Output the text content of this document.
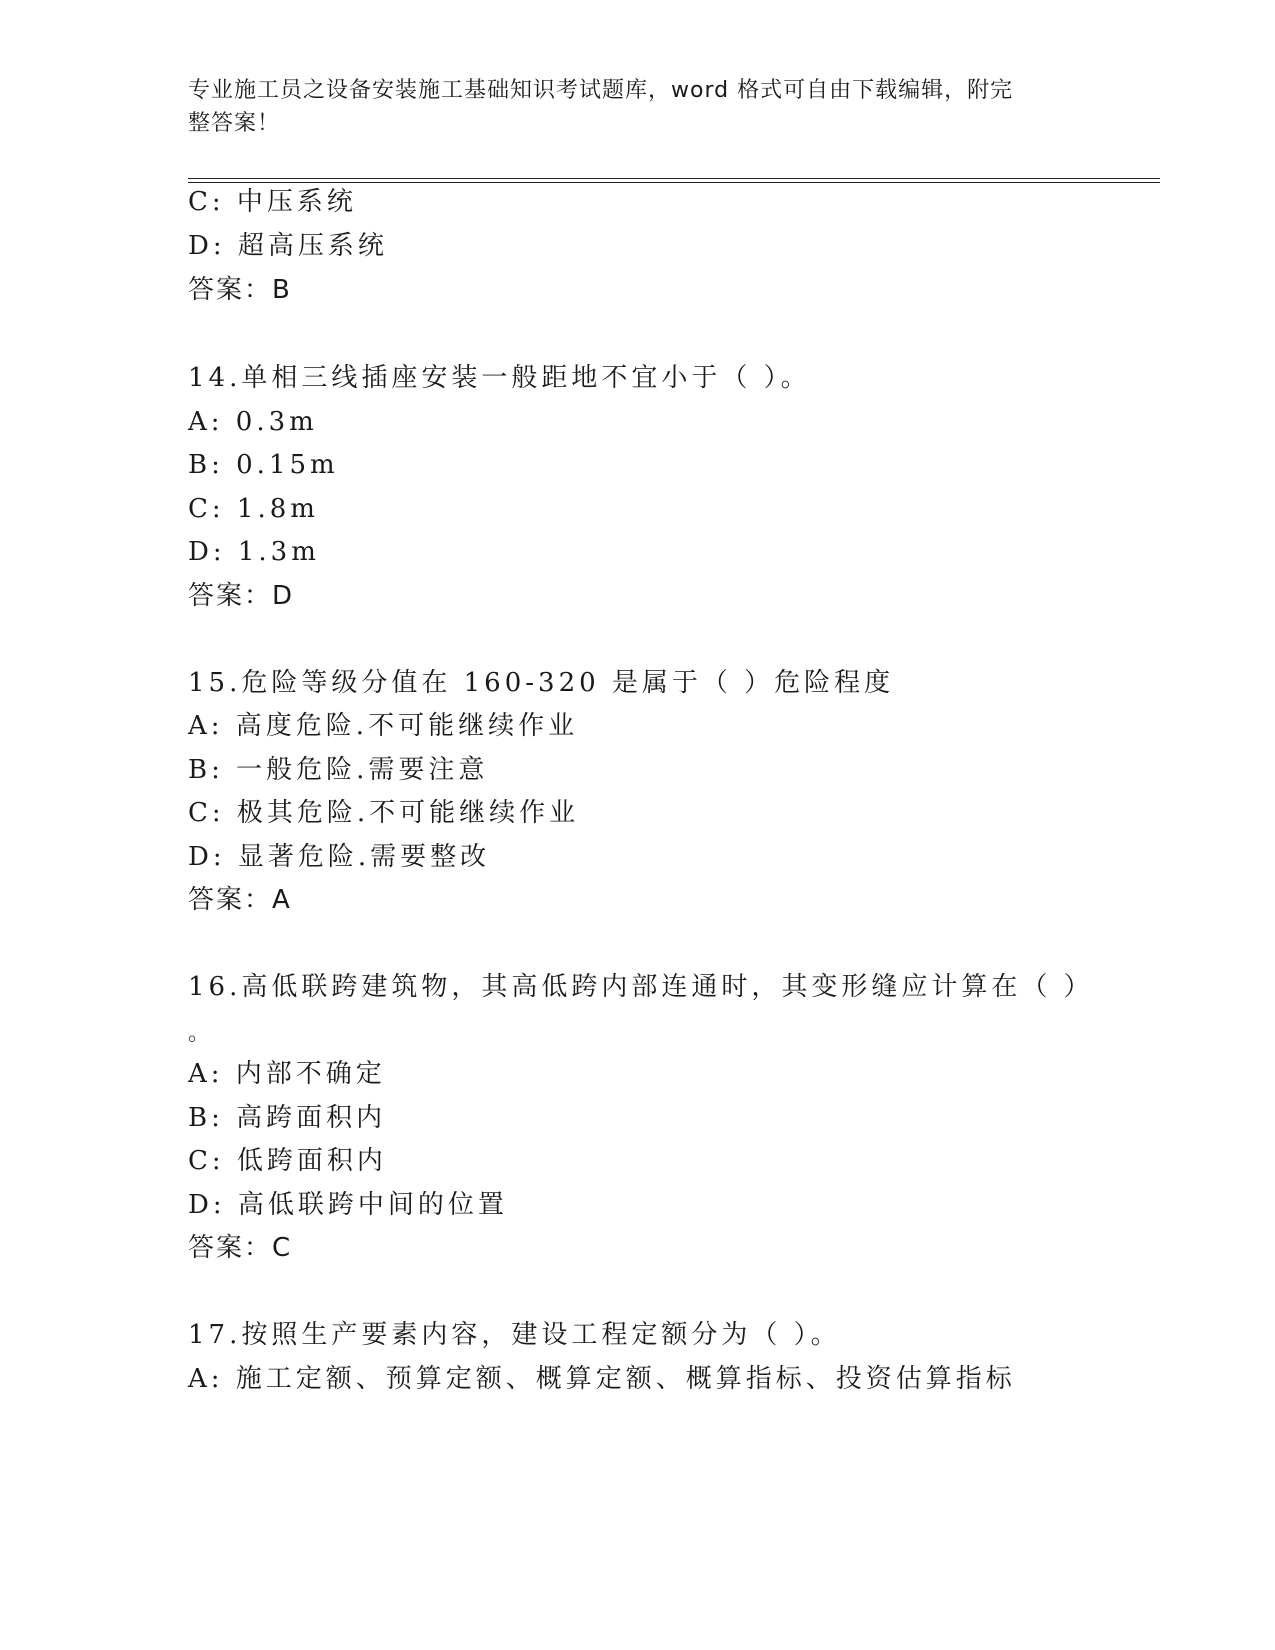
专业施工员之设备安装施工基础知识考试题库，word 格式可自由下载编辑，附完
整答案！
C: 中压系统
D: 超高压系统
答案：B
14.单相三线插座安装一般距地不宜小于（ ）。
A: 0.3m
B: 0.15m
C: 1.8m
D: 1.3m
答案：D
15.危险等级分值在 160-320 是属于（ ）危险程度
A: 高度危险.不可能继续作业
B: 一般危险.需要注意
C: 极其危险.不可能继续作业
D: 显著危险.需要整改
答案：A
16.高低联跨建筑物，其高低跨内部连通时，其变形缝应计算在（ ）
。
A: 内部不确定
B: 高跨面积内
C: 低跨面积内
D: 高低联跨中间的位置
答案：C
17.按照生产要素内容，建设工程定额分为（ ）。
A: 施工定额、预算定额、概算定额、概算指标、投资估算指标
